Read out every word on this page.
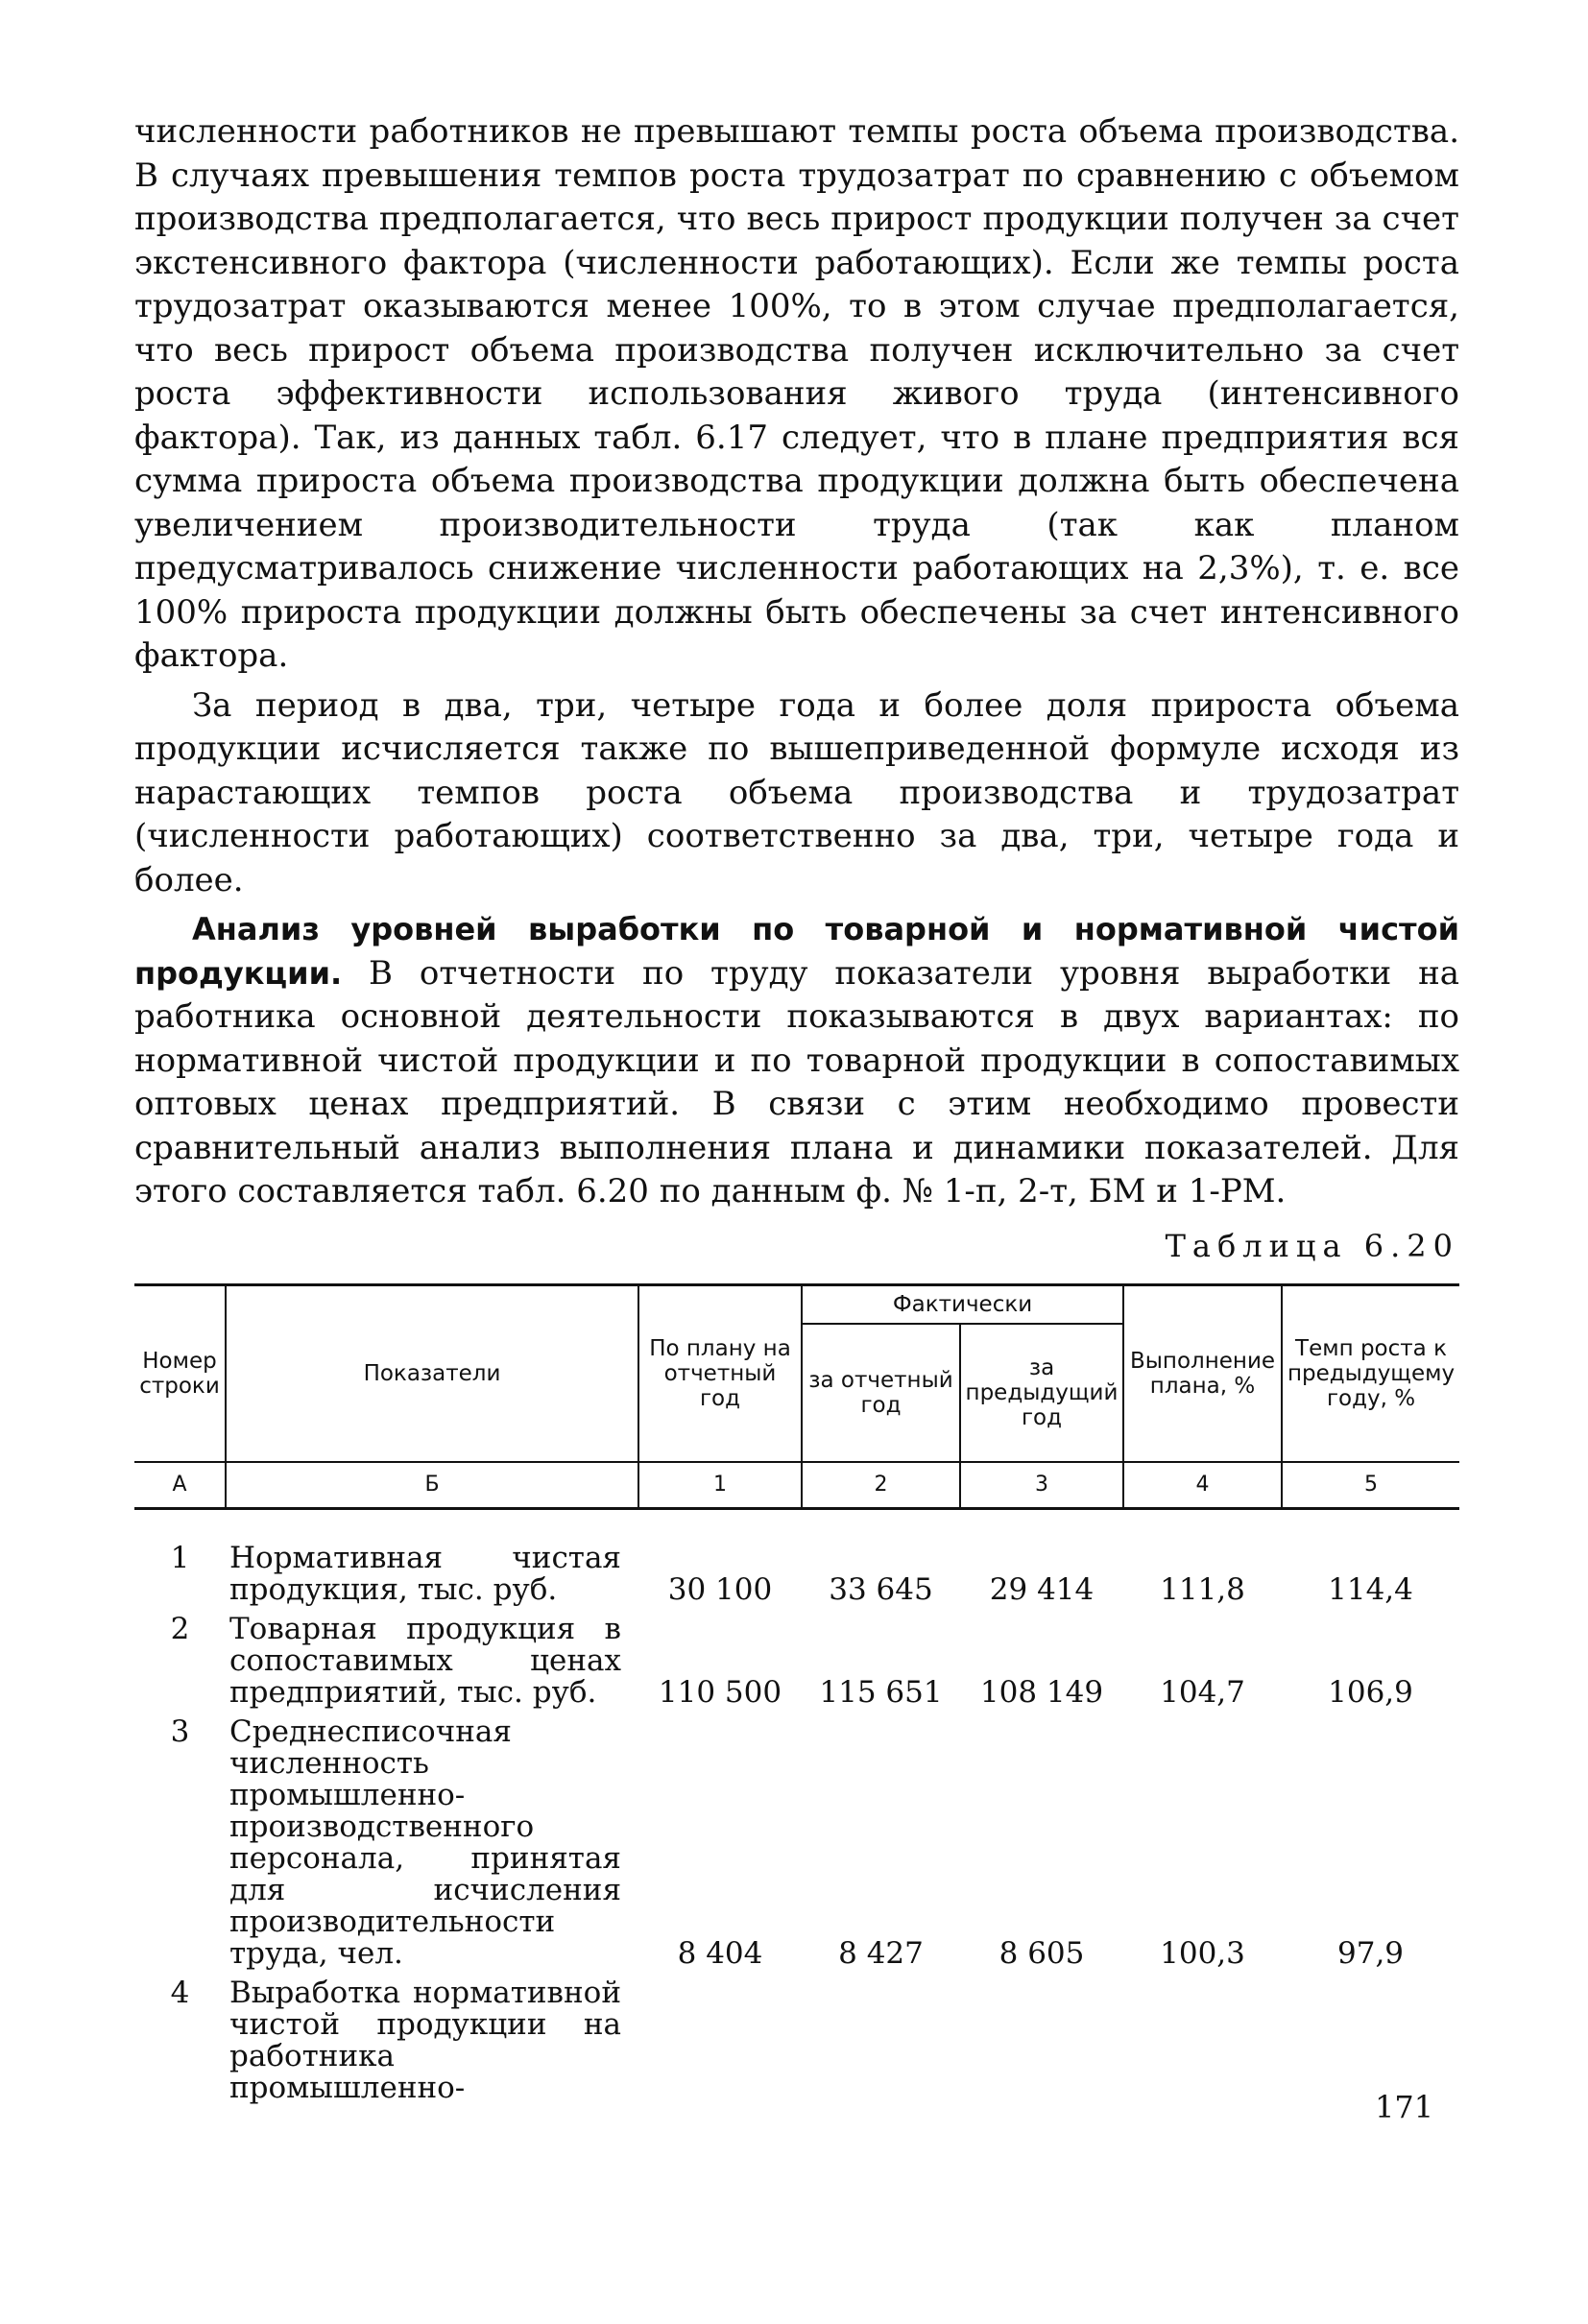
численности работников не превышают темпы роста объема производства. В случаях превышения темпов роста трудозатрат по сравнению с объемом производства предполагается, что весь прирост продукции получен за счет экстенсивного фактора (численности работающих). Если же темпы роста трудозатрат оказываются менее 100%, то в этом случае предполагается, что весь прирост объема производства получен исключительно за счет роста эффективности использования живого труда (интенсивного фактора). Так, из данных табл. 6.17 следует, что в плане предприятия вся сумма прироста объема производства продукции должна быть обеспечена увеличением производительности труда (так как планом предусматривалось снижение численности работающих на 2,3%), т. е. все 100% прироста продукции должны быть обеспечены за счет интенсивного фактора.

За период в два, три, четыре года и более доля прироста объема продукции исчисляется также по вышеприведенной формуле исходя из нарастающих темпов роста объема производства и трудозатрат (численности работающих) соответственно за два, три, четыре года и более.

Анализ уровней выработки по товарной и нормативной чистой продукции. В отчетности по труду показатели уровня выработки на работника основной деятельности показываются в двух вариантах: по нормативной чистой продукции и по товарной продукции в сопоставимых оптовых ценах предприятий. В связи с этим необходимо провести сравнительный анализ выполнения плана и динамики показателей. Для этого составляется табл. 6.20 по данным ф. № 1-п, 2-т, БМ и 1-РМ.

Таблица 6.20
Номер строки	Показатели	По плану на отчетный год	Фактически		Выполнение плана, %	Темп роста к предыдущему году, %
			за отчетный год	за предыдущий год		
А	Б	1	2	3	4	5
1	Нормативная чистая продукция, тыс. руб.	30 100	33 645	29 414	111,8	114,4
2	Товарная продукция в сопоставимых ценах предприятий, тыс. руб.	110 500	115 651	108 149	104,7	106,9
3	Среднесписочная численность промышленно-производственного персонала, принятая для исчисления производительности труда, чел.	8 404	8 427	8 605	100,3	97,9
4	Выработка нормативной чистой продукции на работника промышленно-					
171
